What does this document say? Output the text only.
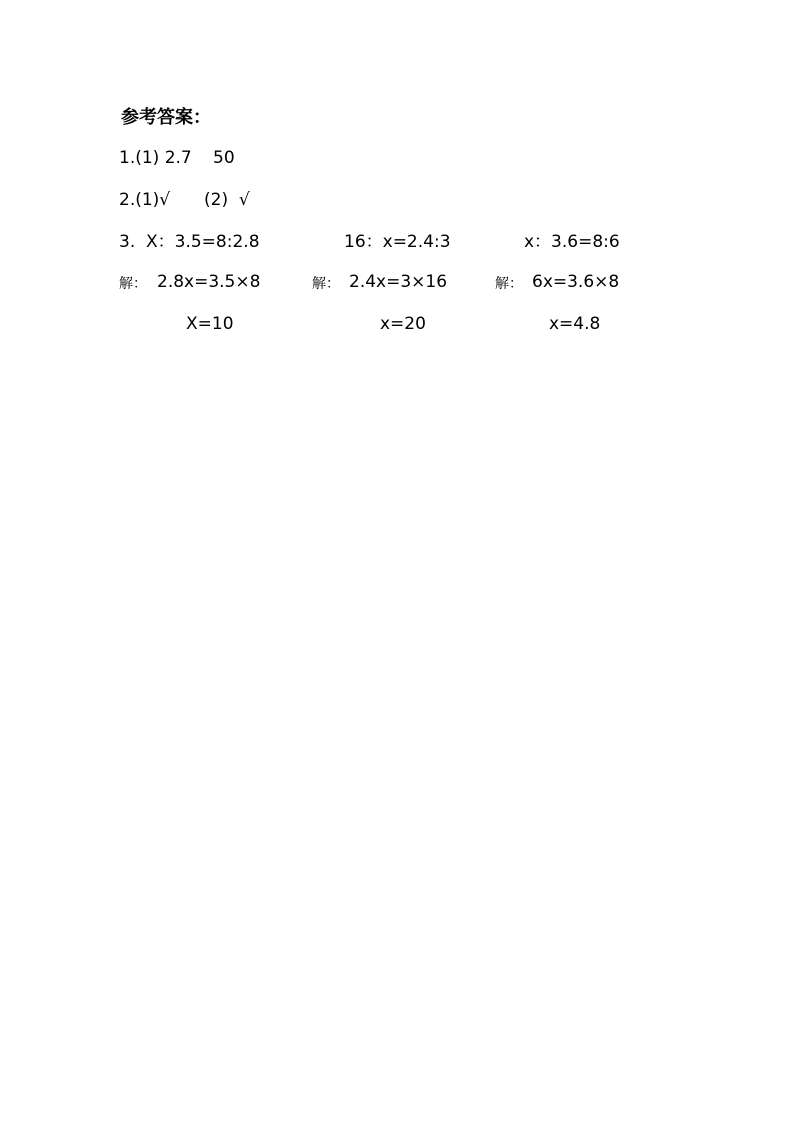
参考答案：
1.(1) 2.7 50
2.(1)√ (2)  √
3. X：3.5=8:2.8	16：x=2.4:3	x：3.6=8:6
解： 2.8x=3.5×8	解： 2.4x=3×16	解： 6x=3.6×8
X=10	x=20	x=4.8
